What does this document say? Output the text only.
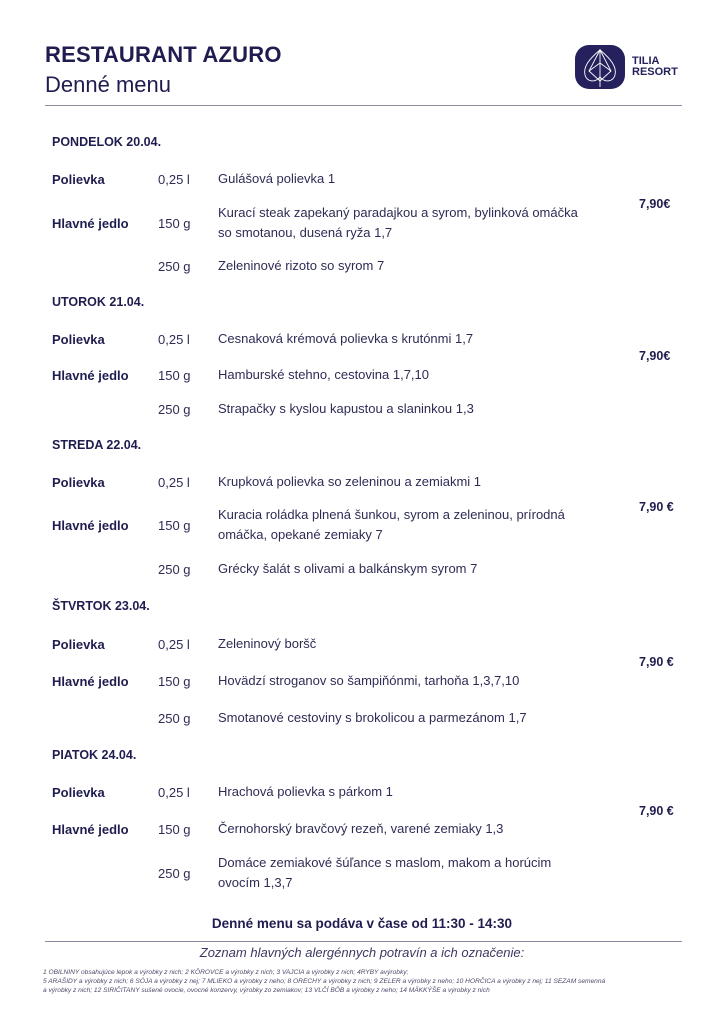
RESTAURANT AZURO
Denné menu
TILIA
RESORT
PONDELOK 20.04.
7,90€
Polievka	0,25 l Gulášová polievka 1
Hlavné jedlo 150 g
Kurací steak zapekaný paradajkou a syrom, bylinková omáčka so smotanou, dusená ryža 1,7
250 g Zeleninové rizoto so syrom 7
UTOROK 21.04.
7,90€
Polievka	0,25 l Cesnaková krémová polievka s krutónmi 1,7
Hlavné jedlo 150 g Hamburské stehno, cestovina 1,7,10
250 g Strapačky s kyslou kapustou a slaninkou 1,3
STREDA 22.04.
7,90 €
Polievka	0,25 l Krupková polievka so zeleninou a zemiakmi 1
Hlavné jedlo 150 g
Kuracia roládka plnená šunkou, syrom a zeleninou, prírodná omáčka, opekané zemiaky 7
250 g Grécky šalát s olivami a balkánskym syrom 7
ŠTVRTOK 23.04.
7,90 €
Polievka	0,25 l Zeleninový boršč
Hlavné jedlo 150 g Hovädzí stroganov so šampiňónmi, tarhoňa 1,3,7,10
250 g Smotanové cestoviny s brokolicou a parmezánom 1,7
PIATOK 24.04.
7,90 €
Polievka	0,25 l Hrachová polievka s párkom 1
Hlavné jedlo 150 g Černohorský bravčový rezeň, varené zemiaky 1,3
250 g
Domáce zemiakové šúľance s maslom, makom a horúcim ovocím 1,3,7
Denné menu sa podáva v čase od 11:30 - 14:30
Zoznam hlavných alergénnych potravín a ich označenie:
1 OBILNINY obsahujúce lepok a výrobky z nich; 2 KÔROVCE a výrobky z nich; 3 VAJCIA a výrobky z nich; 4RYBY avýrobky;
5 ARAŠIDY a výrobky z nich; 6 SÓJA a výrobky z nej; 7 MLIEKO a výrobky z neho; 8 ORECHY a výrobky z nich; 9 ZELER a výrobky z neho; 10 HORČICA a výrobky z nej; 11 SEZAM semenná
a výrobky z nich; 12 SIRIČITANY sušené ovocie, ovocné konzervy, výrobky zo zemiakov; 13 VLČÍ BÔB a výrobky z neho; 14 MÄKKÝŠE a výrobky z nich
